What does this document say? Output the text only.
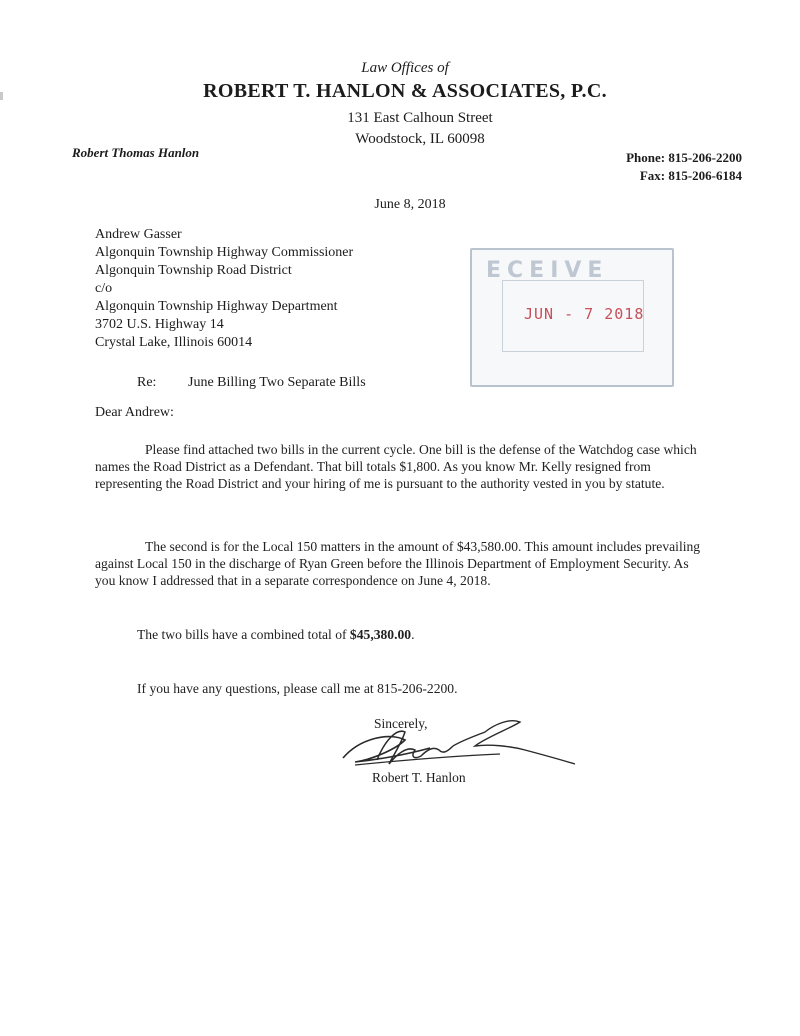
Law Offices of
ROBERT T. HANLON & ASSOCIATES, P.C.
131 East Calhoun Street
Woodstock, IL 60098
Robert Thomas Hanlon	Phone: 815-206-2200
Fax: 815-206-6184
June 8, 2018
Andrew Gasser
Algonquin Township Highway Commissioner
Algonquin Township Road District
c/o
Algonquin Township Highway Department
3702 U.S. Highway 14
Crystal Lake, Illinois 60014
ECEIVE
JUN - 7 2018
Re: June Billing Two Separate Bills
Dear Andrew:
Please find attached two bills in the current cycle. One bill is the defense of the Watchdog case which names the Road District as a Defendant. That bill totals $1,800. As you know Mr. Kelly resigned from representing the Road District and your hiring of me is pursuant to the authority vested in you by statute.
The second is for the Local 150 matters in the amount of $43,580.00. This amount includes prevailing against Local 150 in the discharge of Ryan Green before the Illinois Department of Employment Security. As you know I addressed that in a separate correspondence on June 4, 2018.
The two bills have a combined total of $45,380.00.
If you have any questions, please call me at 815-206-2200.
Sincerely,
Robert T. Hanlon
